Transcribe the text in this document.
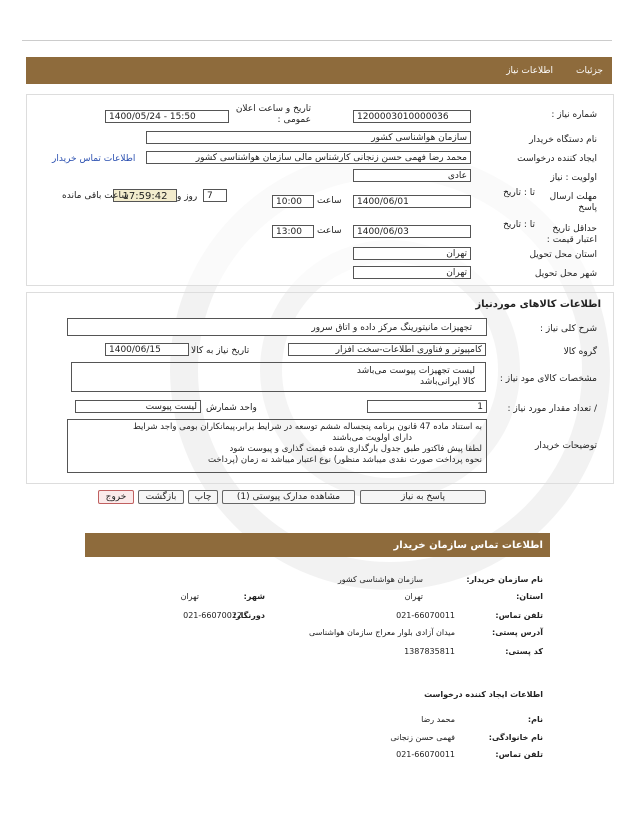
جزئیات
اطلاعات نیاز
شماره نیاز :
1200003010000036
تاریخ و ساعت اعلان عمومی :
1400/05/24 - 15:50
نام دستگاه خریدار
سازمان هواشناسی کشور
ایجاد کننده درخواست
محمد رضا فهمی حسن زنجانی کارشناس مالی سازمان هواشناسی کشور
اطلاعات تماس خریدار
اولویت : نیاز
عادی
مهلت ارسال پاسخ
تا : تاریخ
1400/06/01
ساعت
10:00
7
روز و
17:59:42
ساعت باقی مانده
حداقل تاریخ اعتبار قیمت :
تا : تاریخ
1400/06/03
ساعت
13:00
استان محل تحویل
تهران
شهر محل تحویل
تهران
اطلاعات کالاهای موردنیاز
شرح کلی نیاز :
تجهیزات مانیتورینگ مرکز داده و اتاق سرور
گروه کالا
کامپیوتر و فناوری اطلاعات-سخت افزار
تاریخ نیاز به کالا
1400/06/15
مشخصات کالای مود نیاز :
لیست تجهیزات پیوست می‌باشد
کالا ایرانی‌باشد
/ تعداد مقدار مورد نیاز :
1
واحد شمارش
لیست پیوست
توضیحات خریدار
به استناد ماده 47 قانون برنامه پنجساله ششم توسعه در شرایط برابر،پیمانکاران بومی واجد شرایط
دارای اولویت می‌باشند
لطفا پیش فاکتور طبق جدول بارگذاری شده قیمت گذاری و پیوست شود
نحوه پرداخت صورت نقدی میباشد منظور) نوع اعتبار میباشد نه زمان (پرداخت
پاسخ به نیاز
مشاهده مدارک پیوستی (1)
چاپ
بازگشت
خروج
اطلاعات تماس سازمان خریدار
نام سازمان خریدار:
سازمان هواشناسی کشور
استان:
تهران
شهر:
تهران
تلفن تماس:
021-66070011
دورنگار:
021-66070022
آدرس پستی:
میدان آزادی بلوار معراج سازمان هواشناسی
کد پستی:
1387835811
اطلاعات ایجاد کننده درخواست
نام:
محمد رضا
نام خانوادگی:
فهمی حسن زنجانی
تلفن تماس:
021-66070011
